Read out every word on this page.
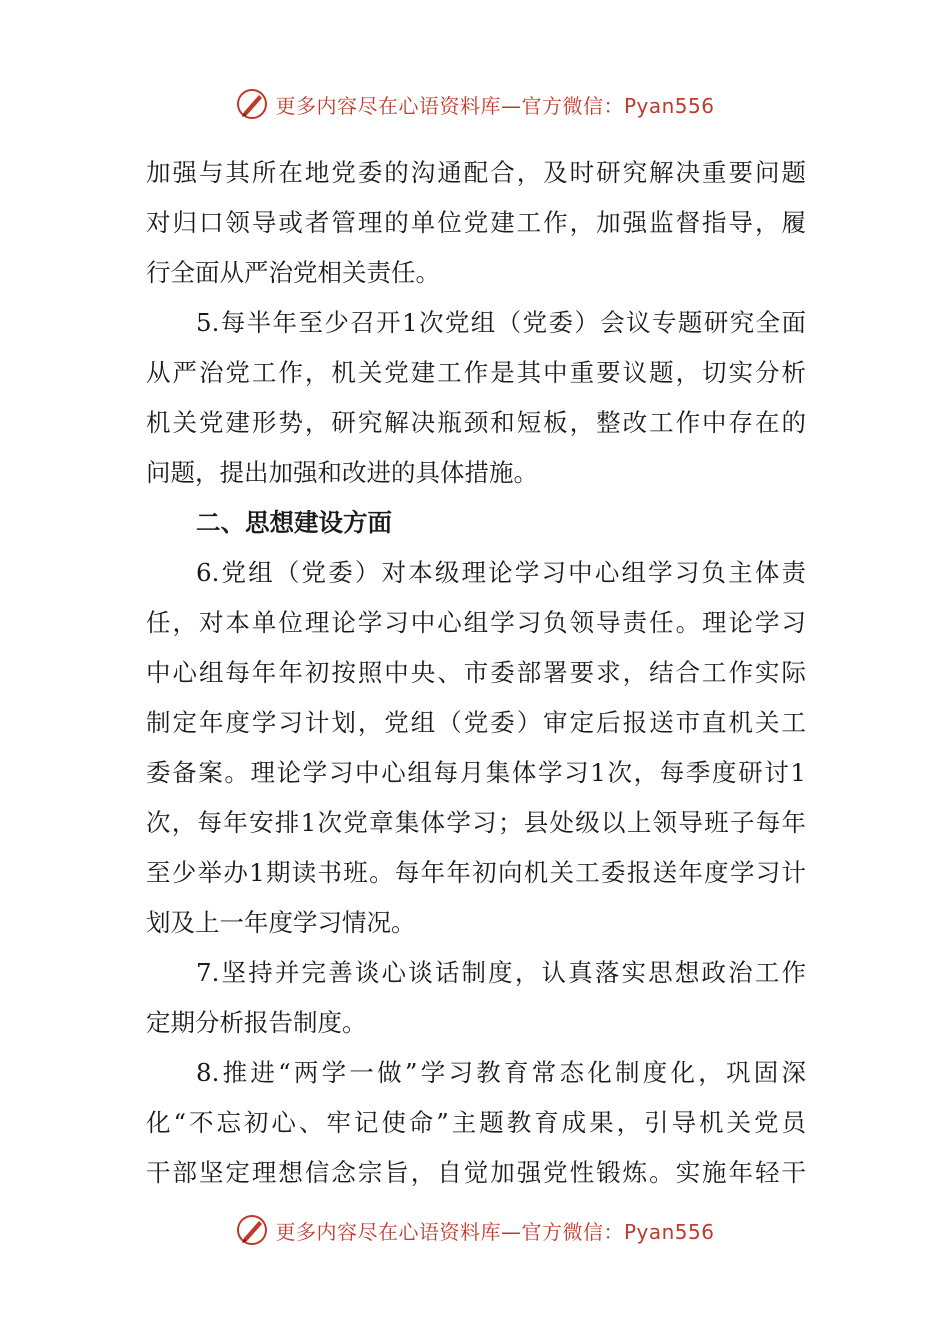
更多内容尽在心语资料库—官方微信：Pyan556
加强与其所在地党委的沟通配合，及时研究解决重要问题
对归口领导或者管理的单位党建工作，加强监督指导，履
行全面从严治党相关责任。
5.每半年至少召开1次党组（党委）会议专题研究全面
从严治党工作，机关党建工作是其中重要议题，切实分析
机关党建形势，研究解决瓶颈和短板，整改工作中存在的
问题，提出加强和改进的具体措施。
二、思想建设方面
6.党组（党委）对本级理论学习中心组学习负主体责
任，对本单位理论学习中心组学习负领导责任。理论学习
中心组每年年初按照中央、市委部署要求，结合工作实际
制定年度学习计划，党组（党委）审定后报送市直机关工
委备案。理论学习中心组每月集体学习1次，每季度研讨1
次，每年安排1次党章集体学习；县处级以上领导班子每年
至少举办1期读书班。每年年初向机关工委报送年度学习计
划及上一年度学习情况。
7.坚持并完善谈心谈话制度，认真落实思想政治工作
定期分析报告制度。
8.推进“两学一做”学习教育常态化制度化，巩固深
化“不忘初心、牢记使命”主题教育成果，引导机关党员
干部坚定理想信念宗旨，自觉加强党性锻炼。实施年轻干
更多内容尽在心语资料库—官方微信：Pyan556
